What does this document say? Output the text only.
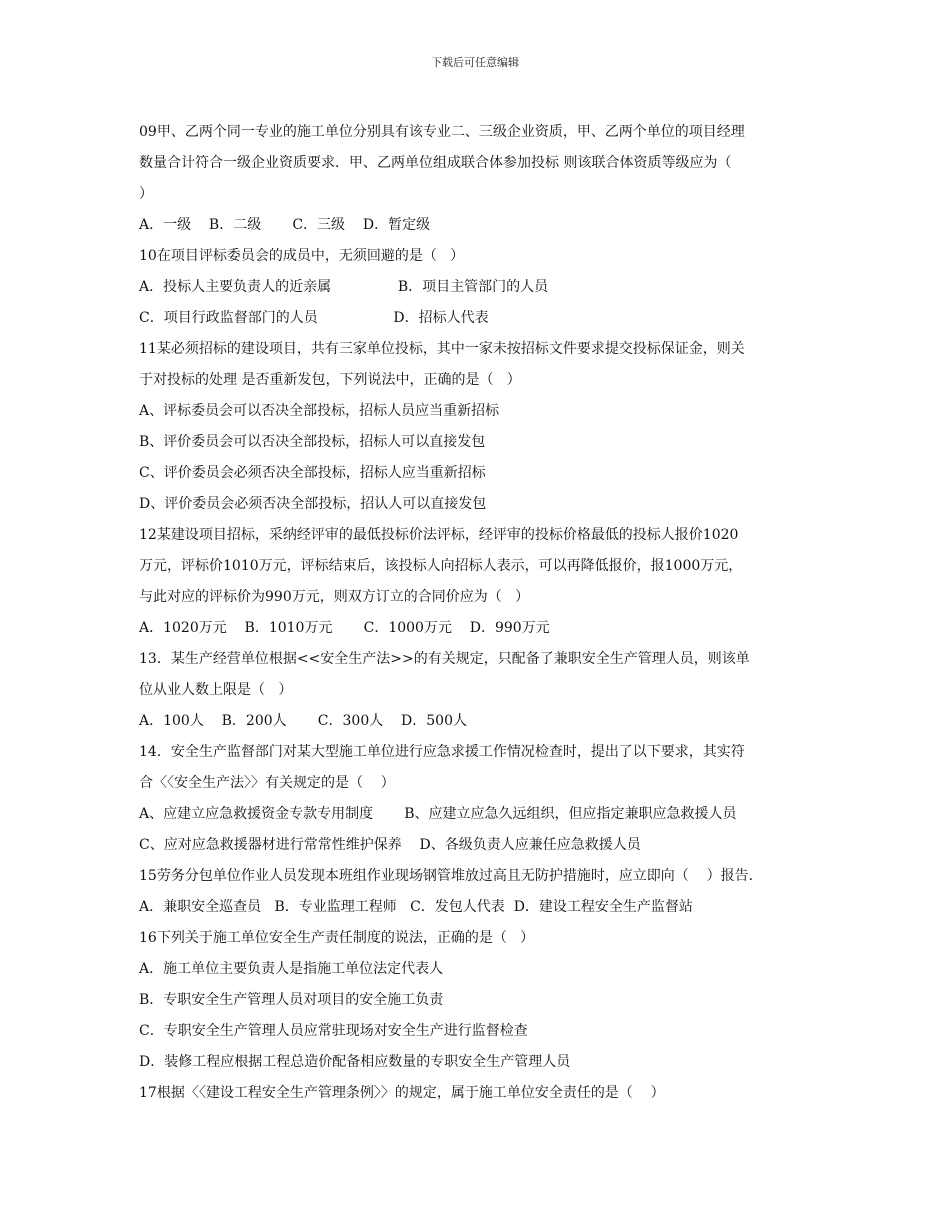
下载后可任意编辑
09甲、乙两个同一专业的施工单位分别具有该专业二、三级企业资质，甲、乙两个单位的项目经理
数量合计符合一级企业资质要求．甲、乙两单位组成联合体参加投标 则该联合体资质等级应为（
）
A．一级    B．二级       C．三级    D．暂定级
10在项目评标委员会的成员中，无须回避的是（   ）
A．投标人主要负责人的近亲属               B．项目主管部门的人员
C．项目行政监督部门的人员                 D．招标人代表
11某必须招标的建设项目，共有三家单位投标，其中一家未按招标文件要求提交投标保证金，则关
于对投标的处理 是否重新发包，下列说法中，正确的是（   ）
A、评标委员会可以否决全部投标，招标人员应当重新招标
B、评价委员会可以否决全部投标，招标人可以直接发包
C、评价委员会必须否决全部投标，招标人应当重新招标
D、评价委员会必须否决全部投标，招认人可以直接发包
12某建设项目招标，采纳经评审的最低投标价法评标，经评审的投标价格最低的投标人报价1020
万元，评标价1010万元，评标结束后，该投标人向招标人表示，可以再降低报价，报1000万元，
与此对应的评标价为990万元，则双方订立的合同价应为（   ）
A．1020万元    B．1010万元       C．1000万元    D．990万元
13．某生产经营单位根据<<安全生产法>>的有关规定，只配备了兼职安全生产管理人员，则该单
位从业人数上限是（   ）
A．100人    B．200人       C．300人    D．500人
14．安全生产监督部门对某大型施工单位进行应急求援工作情况检查时，提出了以下要求，其实符
合〈〈安全生产法〉〉有关规定的是（    ）
A、应建立应急救援资金专款专用制度       B、应建立应急久远组织，但应指定兼职应急救援人员
C、应对应急救援器材进行常常性维护保养    D、各级负责人应兼任应急救援人员
15劳务分包单位作业人员发现本班组作业现场钢管堆放过高且无防护措施时，应立即向（    ）报告．
A．兼职安全巡查员   B．专业监理工程师   C．发包人代表  D．建设工程安全生产监督站
16下列关于施工单位安全生产责任制度的说法，正确的是（   ）
A．施工单位主要负责人是指施工单位法定代表人
B．专职安全生产管理人员对项目的安全施工负责
C．专职安全生产管理人员应常驻现场对安全生产进行监督检查
D．装修工程应根据工程总造价配备相应数量的专职安全生产管理人员
17根据〈〈建设工程安全生产管理条例〉〉的规定，属于施工单位安全责任的是（    ）
